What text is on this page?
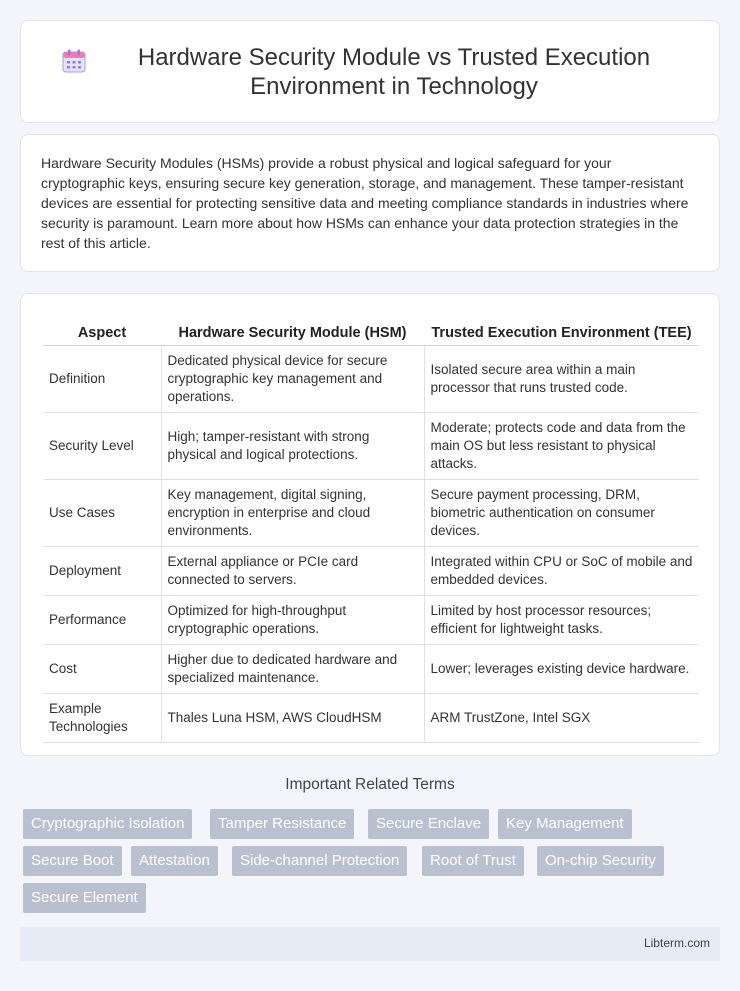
Hardware Security Module vs Trusted Execution Environment in Technology

Hardware Security Modules (HSMs) provide a robust physical and logical safeguard for your cryptographic keys, ensuring secure key generation, storage, and management. These tamper-resistant devices are essential for protecting sensitive data and meeting compliance standards in industries where security is paramount. Learn more about how HSMs can enhance your data protection strategies in the rest of this article.

Aspect	Hardware Security Module (HSM)	Trusted Execution Environment (TEE)
Definition	Dedicated physical device for secure cryptographic key management and operations.	Isolated secure area within a main processor that runs trusted code.
Security Level	High; tamper-resistant with strong physical and logical protections.	Moderate; protects code and data from the main OS but less resistant to physical attacks.
Use Cases	Key management, digital signing, encryption in enterprise and cloud environments.	Secure payment processing, DRM, biometric authentication on consumer devices.
Deployment	External appliance or PCIe card connected to servers.	Integrated within CPU or SoC of mobile and embedded devices.
Performance	Optimized for high-throughput cryptographic operations.	Limited by host processor resources; efficient for lightweight tasks.
Cost	Higher due to dedicated hardware and specialized maintenance.	Lower; leverages existing device hardware.
Example Technologies	Thales Luna HSM, AWS CloudHSM	ARM TrustZone, Intel SGX
Important Related Terms
Cryptographic Isolation	Tamper Resistance	Secure Enclave	Key Management
Secure Boot	Attestation	Side-channel Protection	Root of Trust	On-chip Security
Secure Element
Libterm.com
